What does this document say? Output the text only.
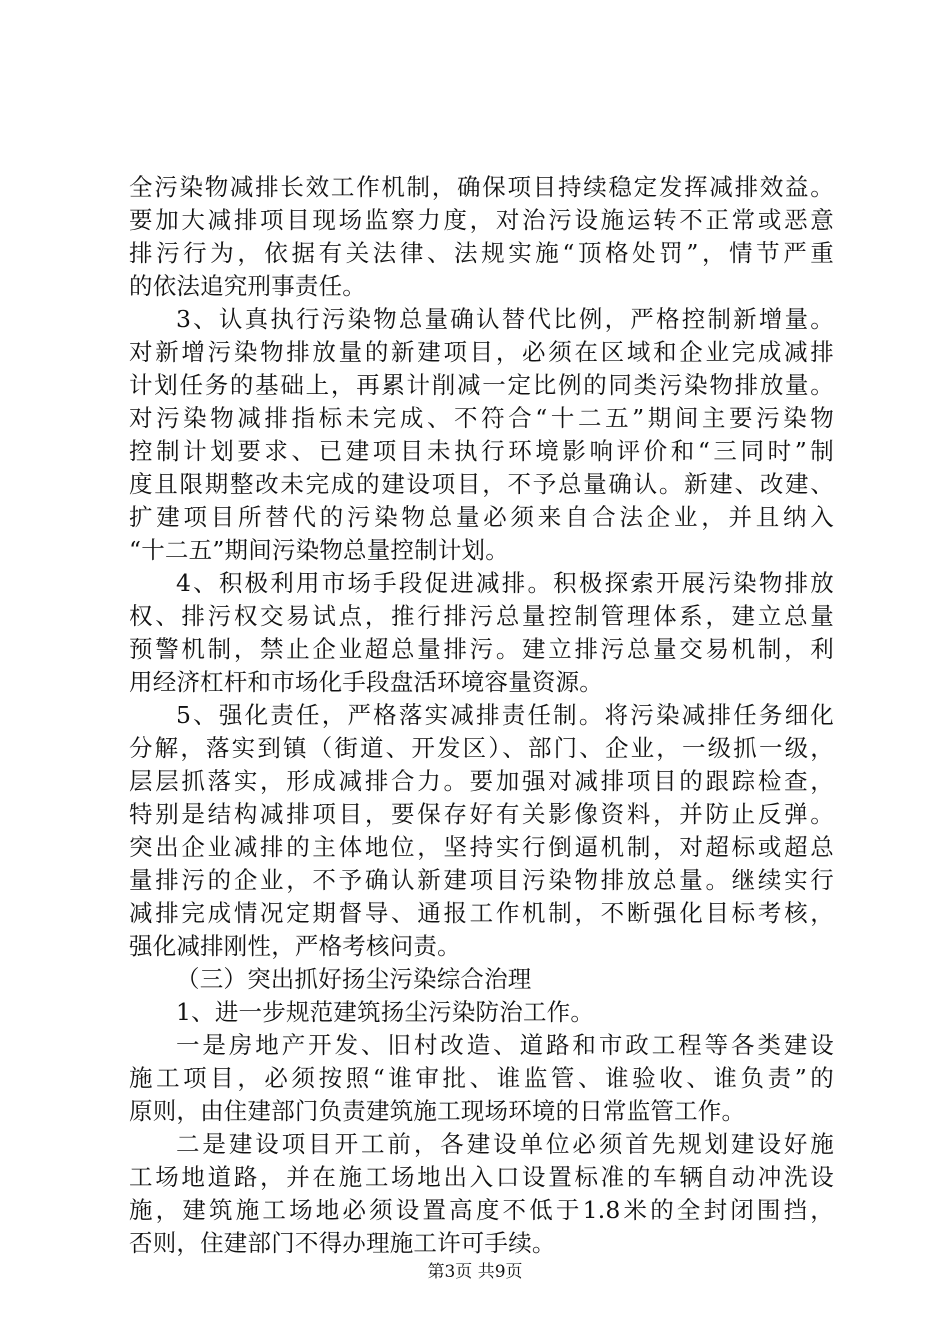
全污染物减排长效工作机制，确保项目持续稳定发挥减排效益。
要加大减排项目现场监察力度，对治污设施运转不正常或恶意
排污行为，依据有关法律、法规实施“顶格处罚”，情节严重
的依法追究刑事责任。
3、认真执行污染物总量确认替代比例，严格控制新增量。
对新增污染物排放量的新建项目，必须在区域和企业完成减排
计划任务的基础上，再累计削减一定比例的同类污染物排放量。
对污染物减排指标未完成、不符合“十二五”期间主要污染物
控制计划要求、已建项目未执行环境影响评价和“三同时”制
度且限期整改未完成的建设项目，不予总量确认。新建、改建、
扩建项目所替代的污染物总量必须来自合法企业，并且纳入
“十二五”期间污染物总量控制计划。
4、积极利用市场手段促进减排。积极探索开展污染物排放
权、排污权交易试点，推行排污总量控制管理体系，建立总量
预警机制，禁止企业超总量排污。建立排污总量交易机制，利
用经济杠杆和市场化手段盘活环境容量资源。
5、强化责任，严格落实减排责任制。将污染减排任务细化
分解，落实到镇（街道、开发区）、部门、企业，一级抓一级，
层层抓落实，形成减排合力。要加强对减排项目的跟踪检查，
特别是结构减排项目，要保存好有关影像资料，并防止反弹。
突出企业减排的主体地位，坚持实行倒逼机制，对超标或超总
量排污的企业，不予确认新建项目污染物排放总量。继续实行
减排完成情况定期督导、通报工作机制，不断强化目标考核，
强化减排刚性，严格考核问责。
（三）突出抓好扬尘污染综合治理
1、进一步规范建筑扬尘污染防治工作。
一是房地产开发、旧村改造、道路和市政工程等各类建设
施工项目，必须按照“谁审批、谁监管、谁验收、谁负责”的
原则，由住建部门负责建筑施工现场环境的日常监管工作。
二是建设项目开工前，各建设单位必须首先规划建设好施
工场地道路，并在施工场地出入口设置标准的车辆自动冲洗设
施，建筑施工场地必须设置高度不低于1.8米的全封闭围挡，
否则，住建部门不得办理施工许可手续。
第3页 共9页
